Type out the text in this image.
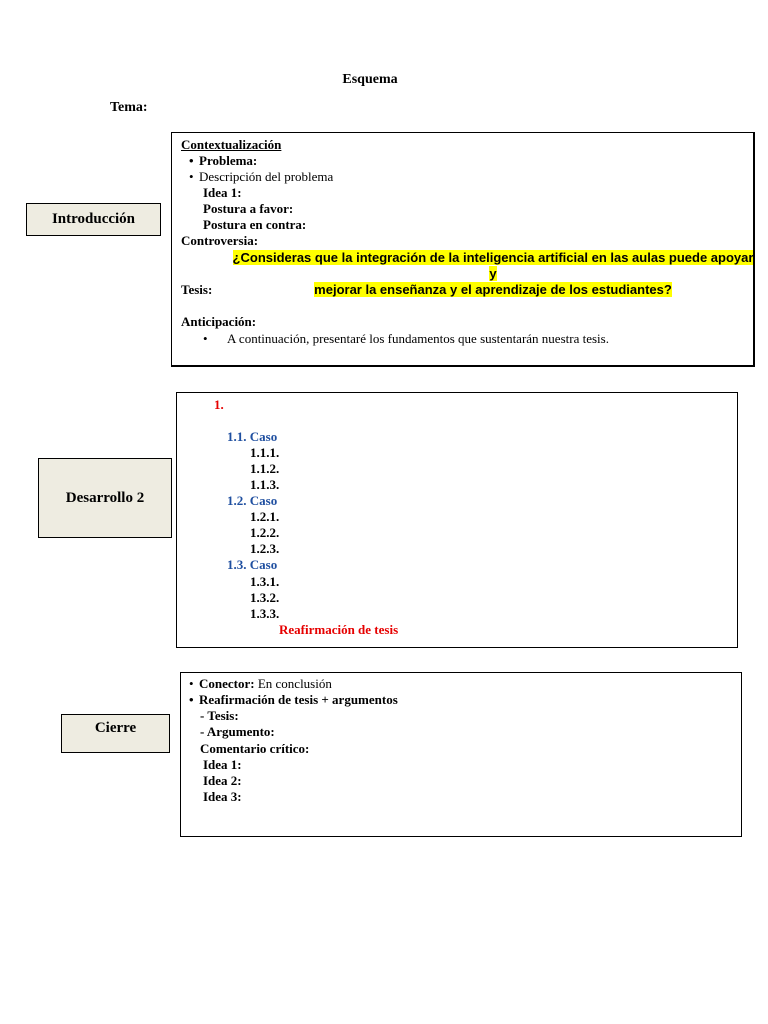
Esquema
Tema:
Introducción
Contextualización
• Problema:
• Descripción del problema
Idea 1:
Postura a favor:
Postura en contra:
Controversia:
¿Consideras que la integración de la inteligencia artificial en las aulas puede apoyar y
mejorar la enseñanza y el aprendizaje de los estudiantes?
Tesis:
Anticipación:
• A continuación, presentaré los fundamentos que sustentarán nuestra tesis.
Desarrollo 2
1.
1.1. Caso
1.1.1.
1.1.2.
1.1.3.
1.2. Caso
1.2.1.
1.2.2.
1.2.3.
1.3. Caso
1.3.1.
1.3.2.
1.3.3.
Reafirmación de tesis
Cierre
• Conector: En conclusión
• Reafirmación de tesis + argumentos
- Tesis:
- Argumento:
Comentario crítico:
Idea 1:
Idea 2:
Idea 3:
